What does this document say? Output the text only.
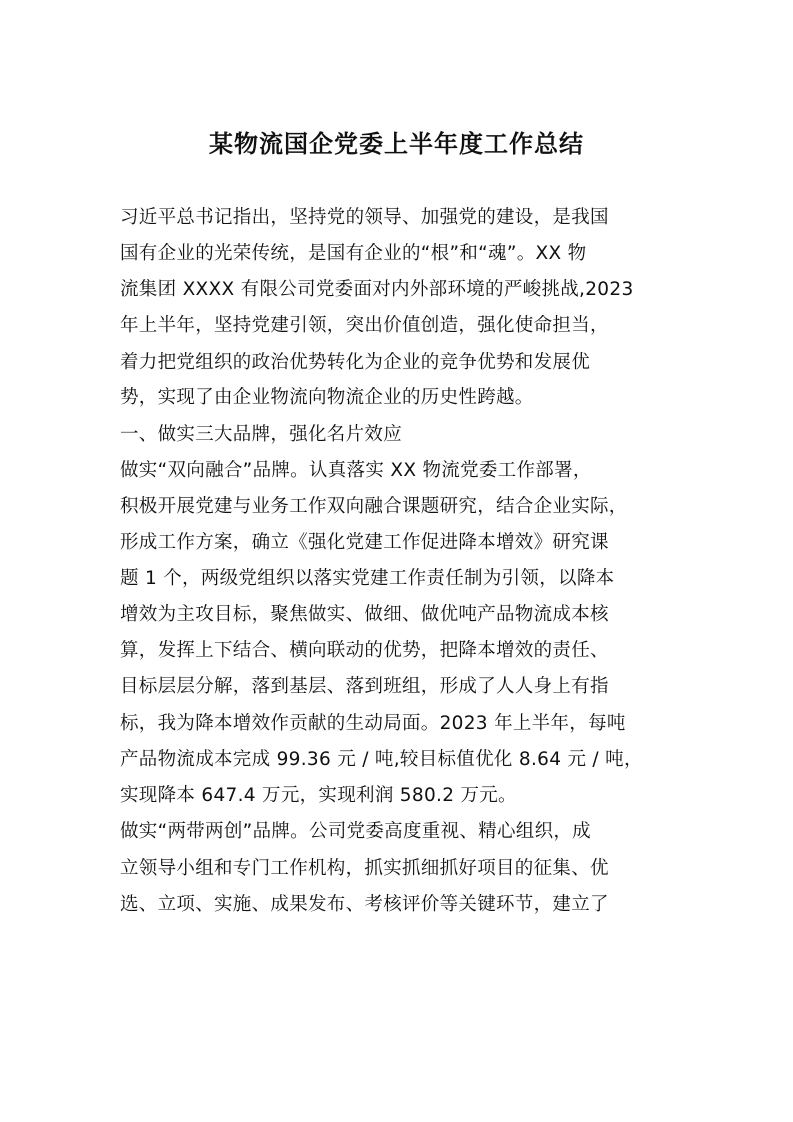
某物流国企党委上半年度工作总结
习近平总书记指出，坚持党的领导、加强党的建设，是我国
国有企业的光荣传统，是国有企业的“根”和“魂”。XX 物
流集团 XXXX 有限公司党委面对内外部环境的严峻挑战,2023
年上半年，坚持党建引领，突出价值创造，强化使命担当，
着力把党组织的政治优势转化为企业的竞争优势和发展优
势，实现了由企业物流向物流企业的历史性跨越。
一、做实三大品牌，强化名片效应
做实“双向融合”品牌。认真落实 XX 物流党委工作部署，
积极开展党建与业务工作双向融合课题研究，结合企业实际，
形成工作方案，确立《强化党建工作促进降本增效》研究课
题 1 个，两级党组织以落实党建工作责任制为引领，以降本
增效为主攻目标，聚焦做实、做细、做优吨产品物流成本核
算，发挥上下结合、横向联动的优势，把降本增效的责任、
目标层层分解，落到基层、落到班组，形成了人人身上有指
标，我为降本增效作贡献的生动局面。2023 年上半年，每吨
产品物流成本完成 99.36 元 / 吨,较目标值优化 8.64 元 / 吨，
实现降本 647.4 万元，实现利润 580.2 万元。
做实“两带两创”品牌。公司党委高度重视、精心组织，成
立领导小组和专门工作机构，抓实抓细抓好项目的征集、优
选、立项、实施、成果发布、考核评价等关键环节，建立了
